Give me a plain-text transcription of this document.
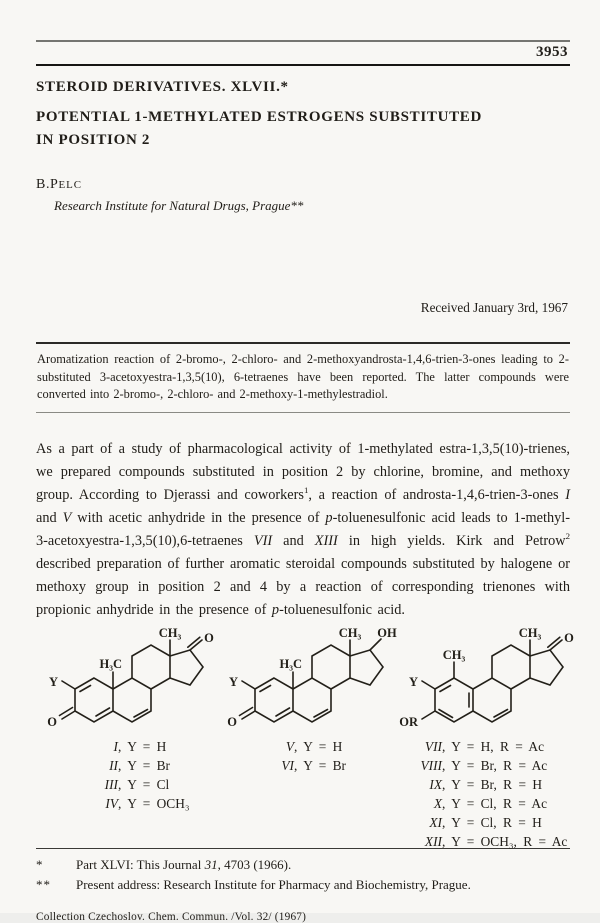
3953
STEROID DERIVATIVES. XLVII.*
POTENTIAL 1-METHYLATED ESTROGENS SUBSTITUTED
IN POSITION 2
B.PELC
Research Institute for Natural Drugs, Prague**
Received January 3rd, 1967
Aromatization reaction of 2-bromo-, 2-chloro- and 2-methoxyandrosta-1,4,6-trien-3-ones leading to 2-substituted 3-acetoxyestra-1,3,5(10), 6-tetraenes have been reported. The latter compounds were converted into 2-bromo-, 2-chloro- and 2-methoxy-1-methylestradiol.
As a part of a study of pharmacological activity of 1-methylated estra-1,3,5(10)-trienes, we prepared compounds substituted in position 2 by chlorine, bromine, and methoxy group. According to Djerassi and coworkers$^1$, a reaction of androsta-1,4,6-trien-3-ones I and V with acetic anhydride in the presence of p-toluenesulfonic acid leads to 1-methyl-3-acetoxyestra-1,3,5(10),6-tetraenes VII and XIII in high yields. Kirk and Petrow$^2$ described preparation of further aromatic steroidal compounds substituted by halogene or methoxy group in position 2 and 4 by a reaction of corresponding trienones with propionic anhydride in the presence of p-toluenesulfonic acid.
CH₃ O
H₃C
Y
O
I, Y = H
II, Y = Br
III, Y = Cl
IV, Y = OCH₃
CH₃ OH
H₃C
Y
O
V, Y = H
VI, Y = Br
CH₃ O
CH₃
Y
OR
VII, Y = H, R = Ac
VIII, Y = Br, R = Ac
IX, Y = Br, R = H
X, Y = Cl, R = Ac
XI, Y = Cl, R = H
XII, Y = OCH₃, R = Ac
*	Part XLVI: This Journal 31, 4703 (1966).
**	Present address: Research Institute for Pharmacy and Biochemistry, Prague.
Collection Czechoslov. Chem. Commun. /Vol. 32/ (1967)
